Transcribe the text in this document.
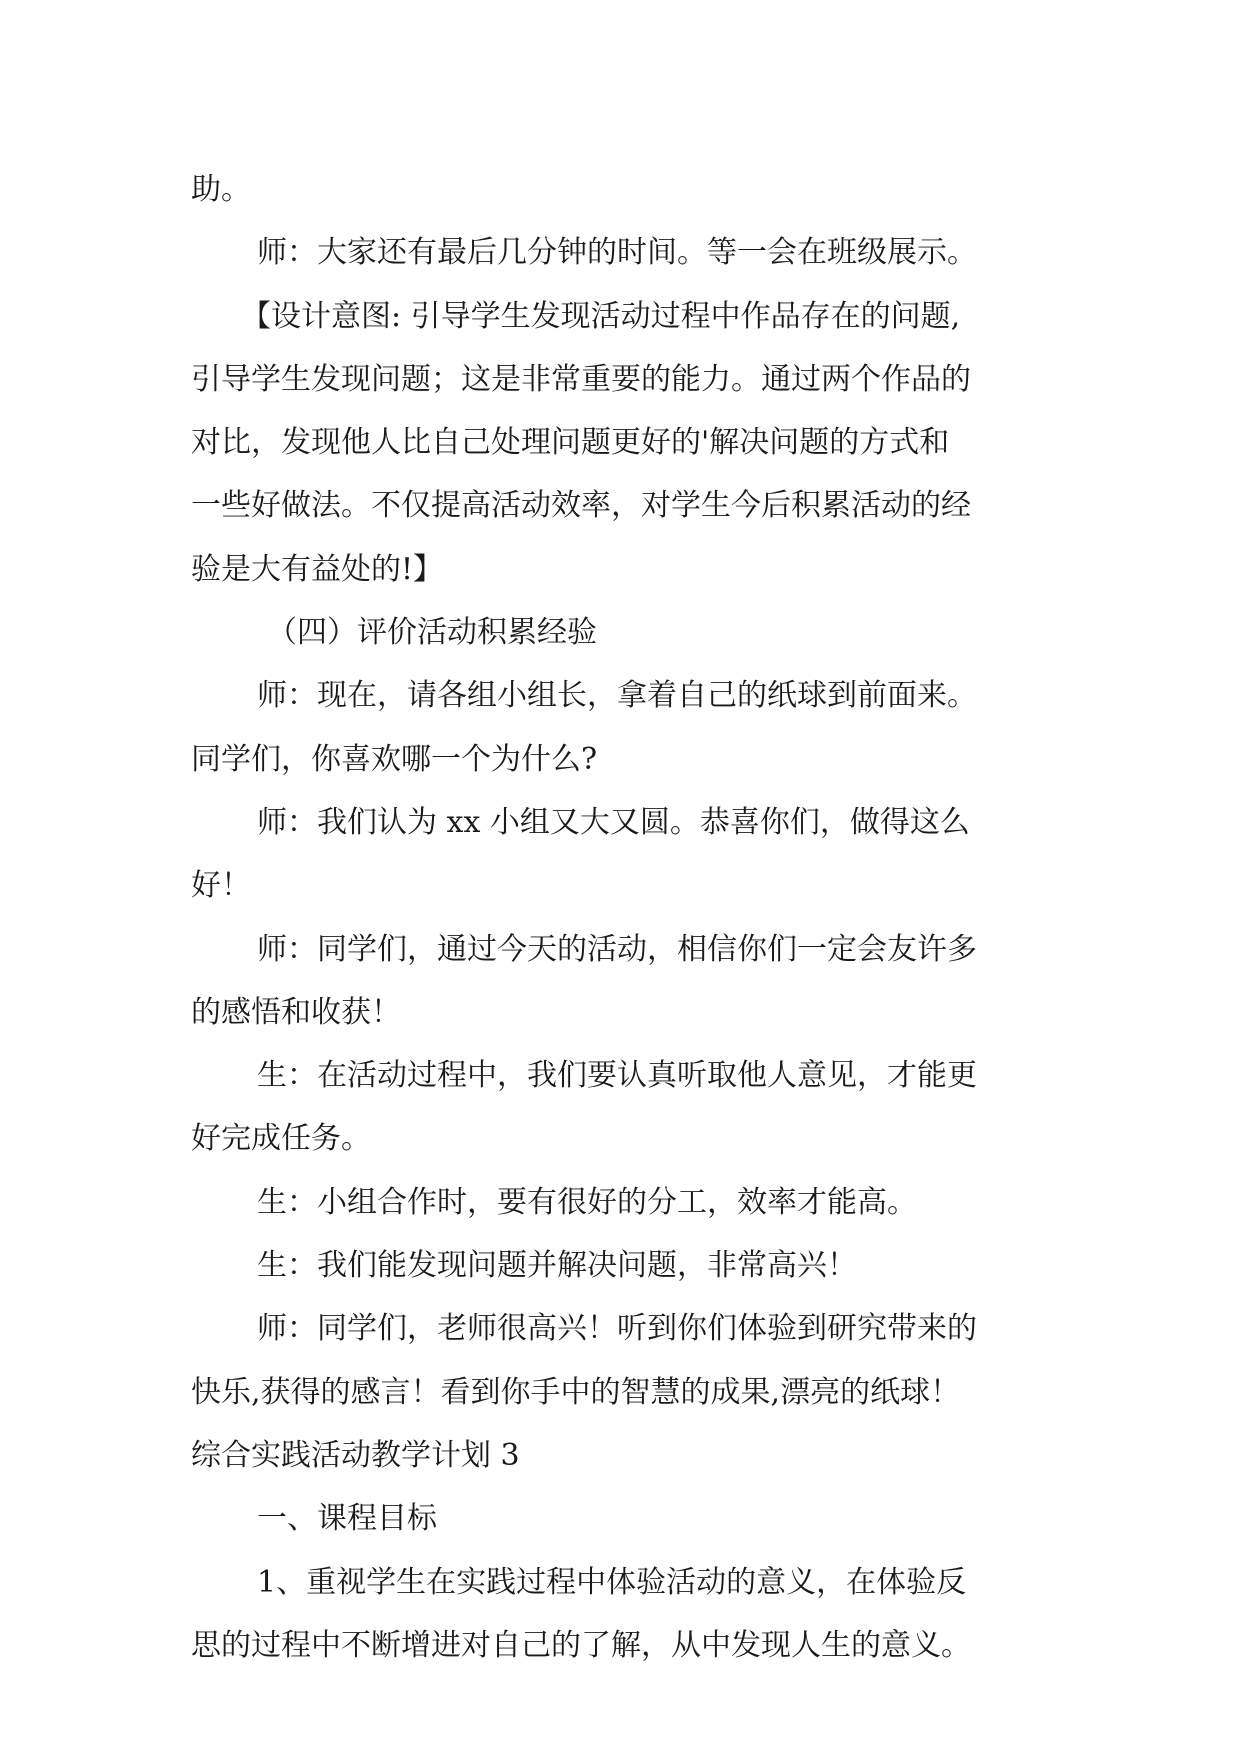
助。

师：大家还有最后几分钟的时间。等一会在班级展示。

【设计意图: 引导学生发现活动过程中作品存在的问题,

引导学生发现问题；这是非常重要的能力。通过两个作品的

对比，发现他人比自己处理问题更好的'解决问题的方式和

一些好做法。不仅提高活动效率，对学生今后积累活动的经

验是大有益处的!】

（四）评价活动积累经验

师：现在，请各组小组长，拿着自己的纸球到前面来。

同学们，你喜欢哪一个为什么?

师：我们认为 xx 小组又大又圆。恭喜你们，做得这么

好！

师：同学们，通过今天的活动，相信你们一定会友许多

的感悟和收获！

生：在活动过程中，我们要认真听取他人意见，才能更

好完成任务。

生：小组合作时，要有很好的分工，效率才能高。

生：我们能发现问题并解决问题，非常高兴！

师：同学们，老师很高兴！听到你们体验到研究带来的

快乐,获得的感言！看到你手中的智慧的成果,漂亮的纸球！

综合实践活动教学计划 3

一、课程目标

1、重视学生在实践过程中体验活动的意义，在体验反

思的过程中不断增进对自己的了解，从中发现人生的意义。
